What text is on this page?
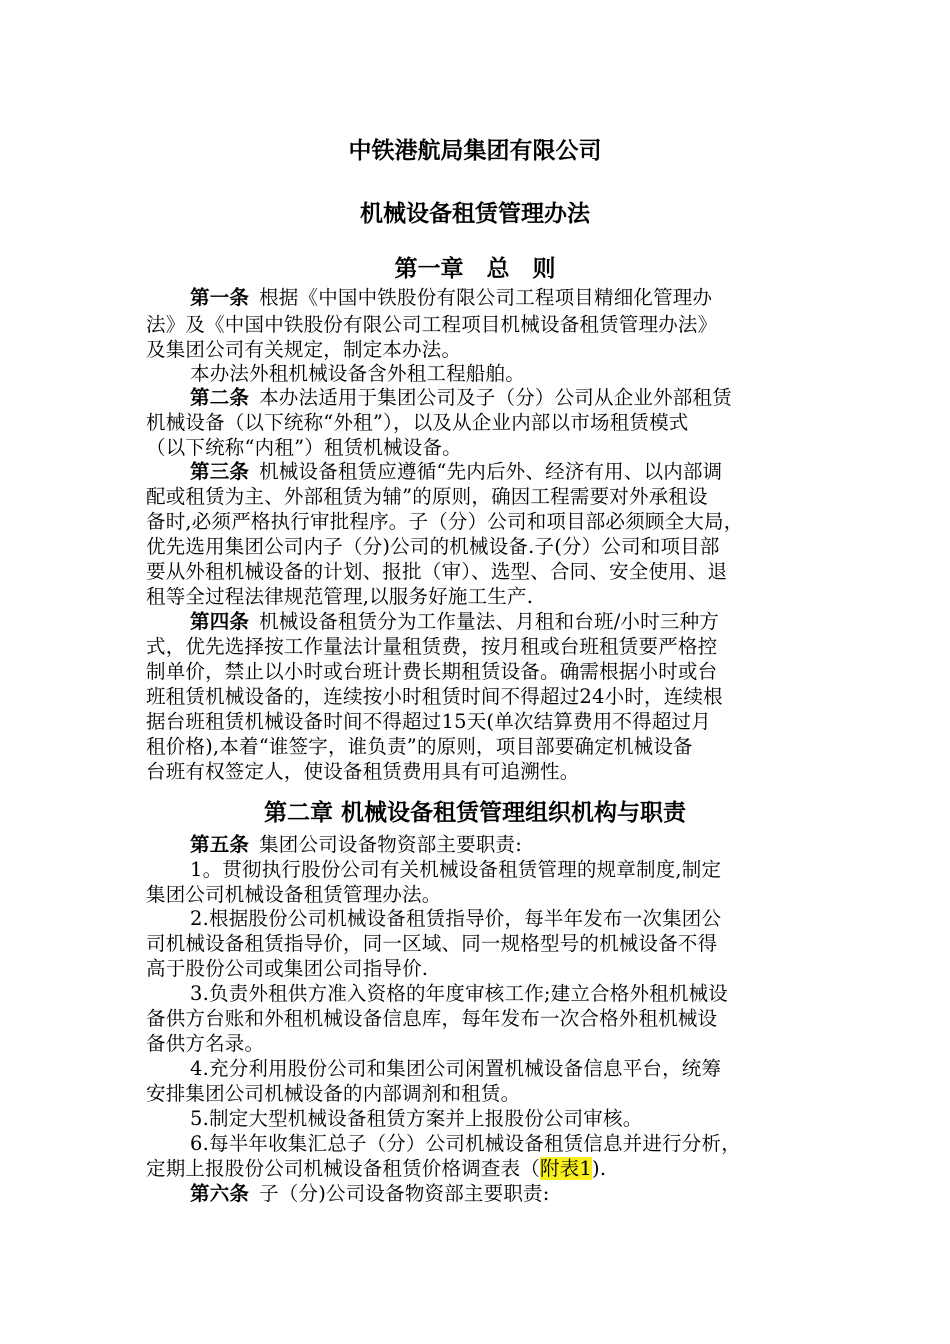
中铁港航局集团有限公司
机械设备租赁管理办法
第一章　总　则
第一条 根据《中国中铁股份有限公司工程项目精细化管理办
法》及《中国中铁股份有限公司工程项目机械设备租赁管理办法》
及集团公司有关规定，制定本办法。
本办法外租机械设备含外租工程船舶。
第二条 本办法适用于集团公司及子（分）公司从企业外部租赁
机械设备（以下统称“外租”），以及从企业内部以市场租赁模式
（以下统称“内租”）租赁机械设备。
第三条 机械设备租赁应遵循“先内后外、经济有用、以内部调
配或租赁为主、外部租赁为辅”的原则，确因工程需要对外承租设
备时,必须严格执行审批程序。子（分）公司和项目部必须顾全大局，
优先选用集团公司内子（分)公司的机械设备.子(分）公司和项目部
要从外租机械设备的计划、报批（审）、选型、合同、安全使用、退
租等全过程法律规范管理,以服务好施工生产.
第四条 机械设备租赁分为工作量法、月租和台班/小时三种方
式，优先选择按工作量法计量租赁费，按月租或台班租赁要严格控
制单价，禁止以小时或台班计费长期租赁设备。确需根据小时或台
班租赁机械设备的，连续按小时租赁时间不得超过24小时，连续根
据台班租赁机械设备时间不得超过15天(单次结算费用不得超过月
租价格),本着“谁签字，谁负责”的原则，项目部要确定机械设备
台班有权签定人，使设备租赁费用具有可追溯性。
第二章 机械设备租赁管理组织机构与职责
第五条 集团公司设备物资部主要职责:
1。贯彻执行股份公司有关机械设备租赁管理的规章制度,制定
集团公司机械设备租赁管理办法。
2.根据股份公司机械设备租赁指导价，每半年发布一次集团公
司机械设备租赁指导价，同一区域、同一规格型号的机械设备不得
高于股份公司或集团公司指导价.
3.负责外租供方准入资格的年度审核工作;建立合格外租机械设
备供方台账和外租机械设备信息库，每年发布一次合格外租机械设
备供方名录。
4.充分利用股份公司和集团公司闲置机械设备信息平台，统筹
安排集团公司机械设备的内部调剂和租赁。
5.制定大型机械设备租赁方案并上报股份公司审核。
6.每半年收集汇总子（分）公司机械设备租赁信息并进行分析，
定期上报股份公司机械设备租赁价格调查表（附表1).
第六条 子（分)公司设备物资部主要职责:
